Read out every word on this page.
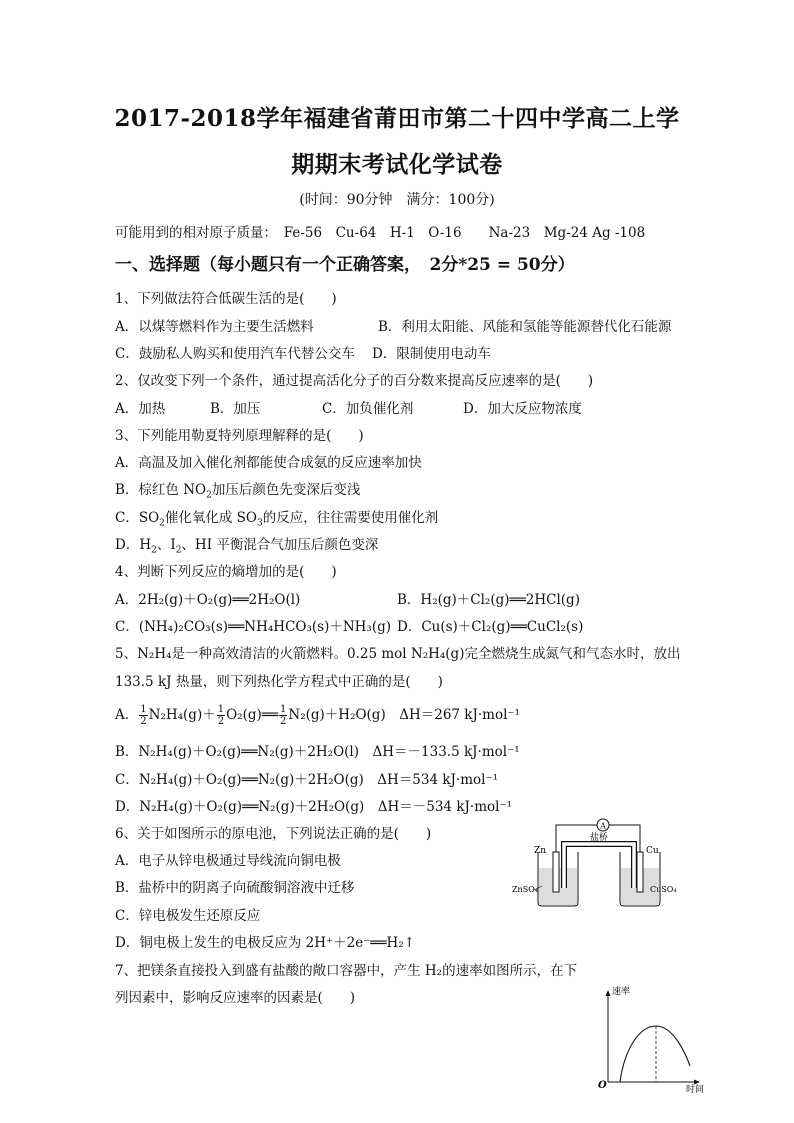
2017-2018学年福建省莆田市第二十四中学高二上学
期期末考试化学试卷
(时间：90分钟　满分：100分)
可能用到的相对原子质量：　Fe-56　Cu-64　H-1　O-16　　Na-23　Mg-24 Ag -108
一、选择题（每小题只有一个正确答案，　2分*25 = 50分）
1、下列做法符合低碳生活的是(　　)
A．以煤等燃料作为主要生活燃料	B．利用太阳能、风能和氢能等能源替代化石能源
C．鼓励私人购买和使用汽车代替公交车 D．限制使用电动车
2、仅改变下列一个条件，通过提高活化分子的百分数来提高反应速率的是(　　)
A．加热	B．加压	C．加负催化剂	D．加大反应物浓度
3、下列能用勒夏特列原理解释的是(　　)
A．高温及加入催化剂都能使合成氨的反应速率加快
B．棕红色 $NO_2$加压后颜色先变深后变浅
C．$SO_2$催化氧化成 $SO_3$的反应，往往需要使用催化剂
D．$H_2$、$I_2$、HI 平衡混合气加压后颜色变深
4、判断下列反应的熵增加的是(　　)
A．2H₂(g)＋O₂(g)══2H₂O(l)	B．H₂(g)＋Cl₂(g)══2HCl(g)
C．(NH₄)₂CO₃(s)══NH₄HCO₃(s)＋NH₃(g) D．Cu(s)＋Cl₂(g)══CuCl₂(s)
5、N₂H₄是一种高效清洁的火箭燃料。0.25 mol N₂H₄(g)完全燃烧生成氮气和气态水时，放出
133.5 kJ 热量，则下列热化学方程式中正确的是(　　)
A． $\frac{1}{2} N_2H_4(g)+ \frac{1}{2}$ O₂(g)══ $\frac{1}{2} N_2(g)+H_2O(g)$　ΔH＝267 kJ·mol⁻¹
B．N₂H₄(g)＋O₂(g)══N₂(g)＋2H₂O(l)　ΔH＝－133.5 kJ·mol⁻¹
C．N₂H₄(g)＋O₂(g)══N₂(g)＋2H₂O(g)　ΔH＝534 kJ·mol⁻¹
D．N₂H₄(g)＋O₂(g)══N₂(g)＋2H₂O(g)　ΔH＝－534 kJ·mol⁻¹
6、关于如图所示的原电池，下列说法正确的是(　　)
A．电子从锌电极通过导线流向铜电极
B．盐桥中的阴离子向硫酸铜溶液中迁移
C．锌电极发生还原反应
D．铜电极上发生的电极反应为 2H⁺＋2e⁻══H₂↑
A
盐桥
Zn	Cu
ZnSO₄	CuSO₄
7、把镁条直接投入到盛有盐酸的敞口容器中，产生 H₂的速率如图所示，在下
列因素中，影响反应速率的因素是(　　)	速率
时间
O
